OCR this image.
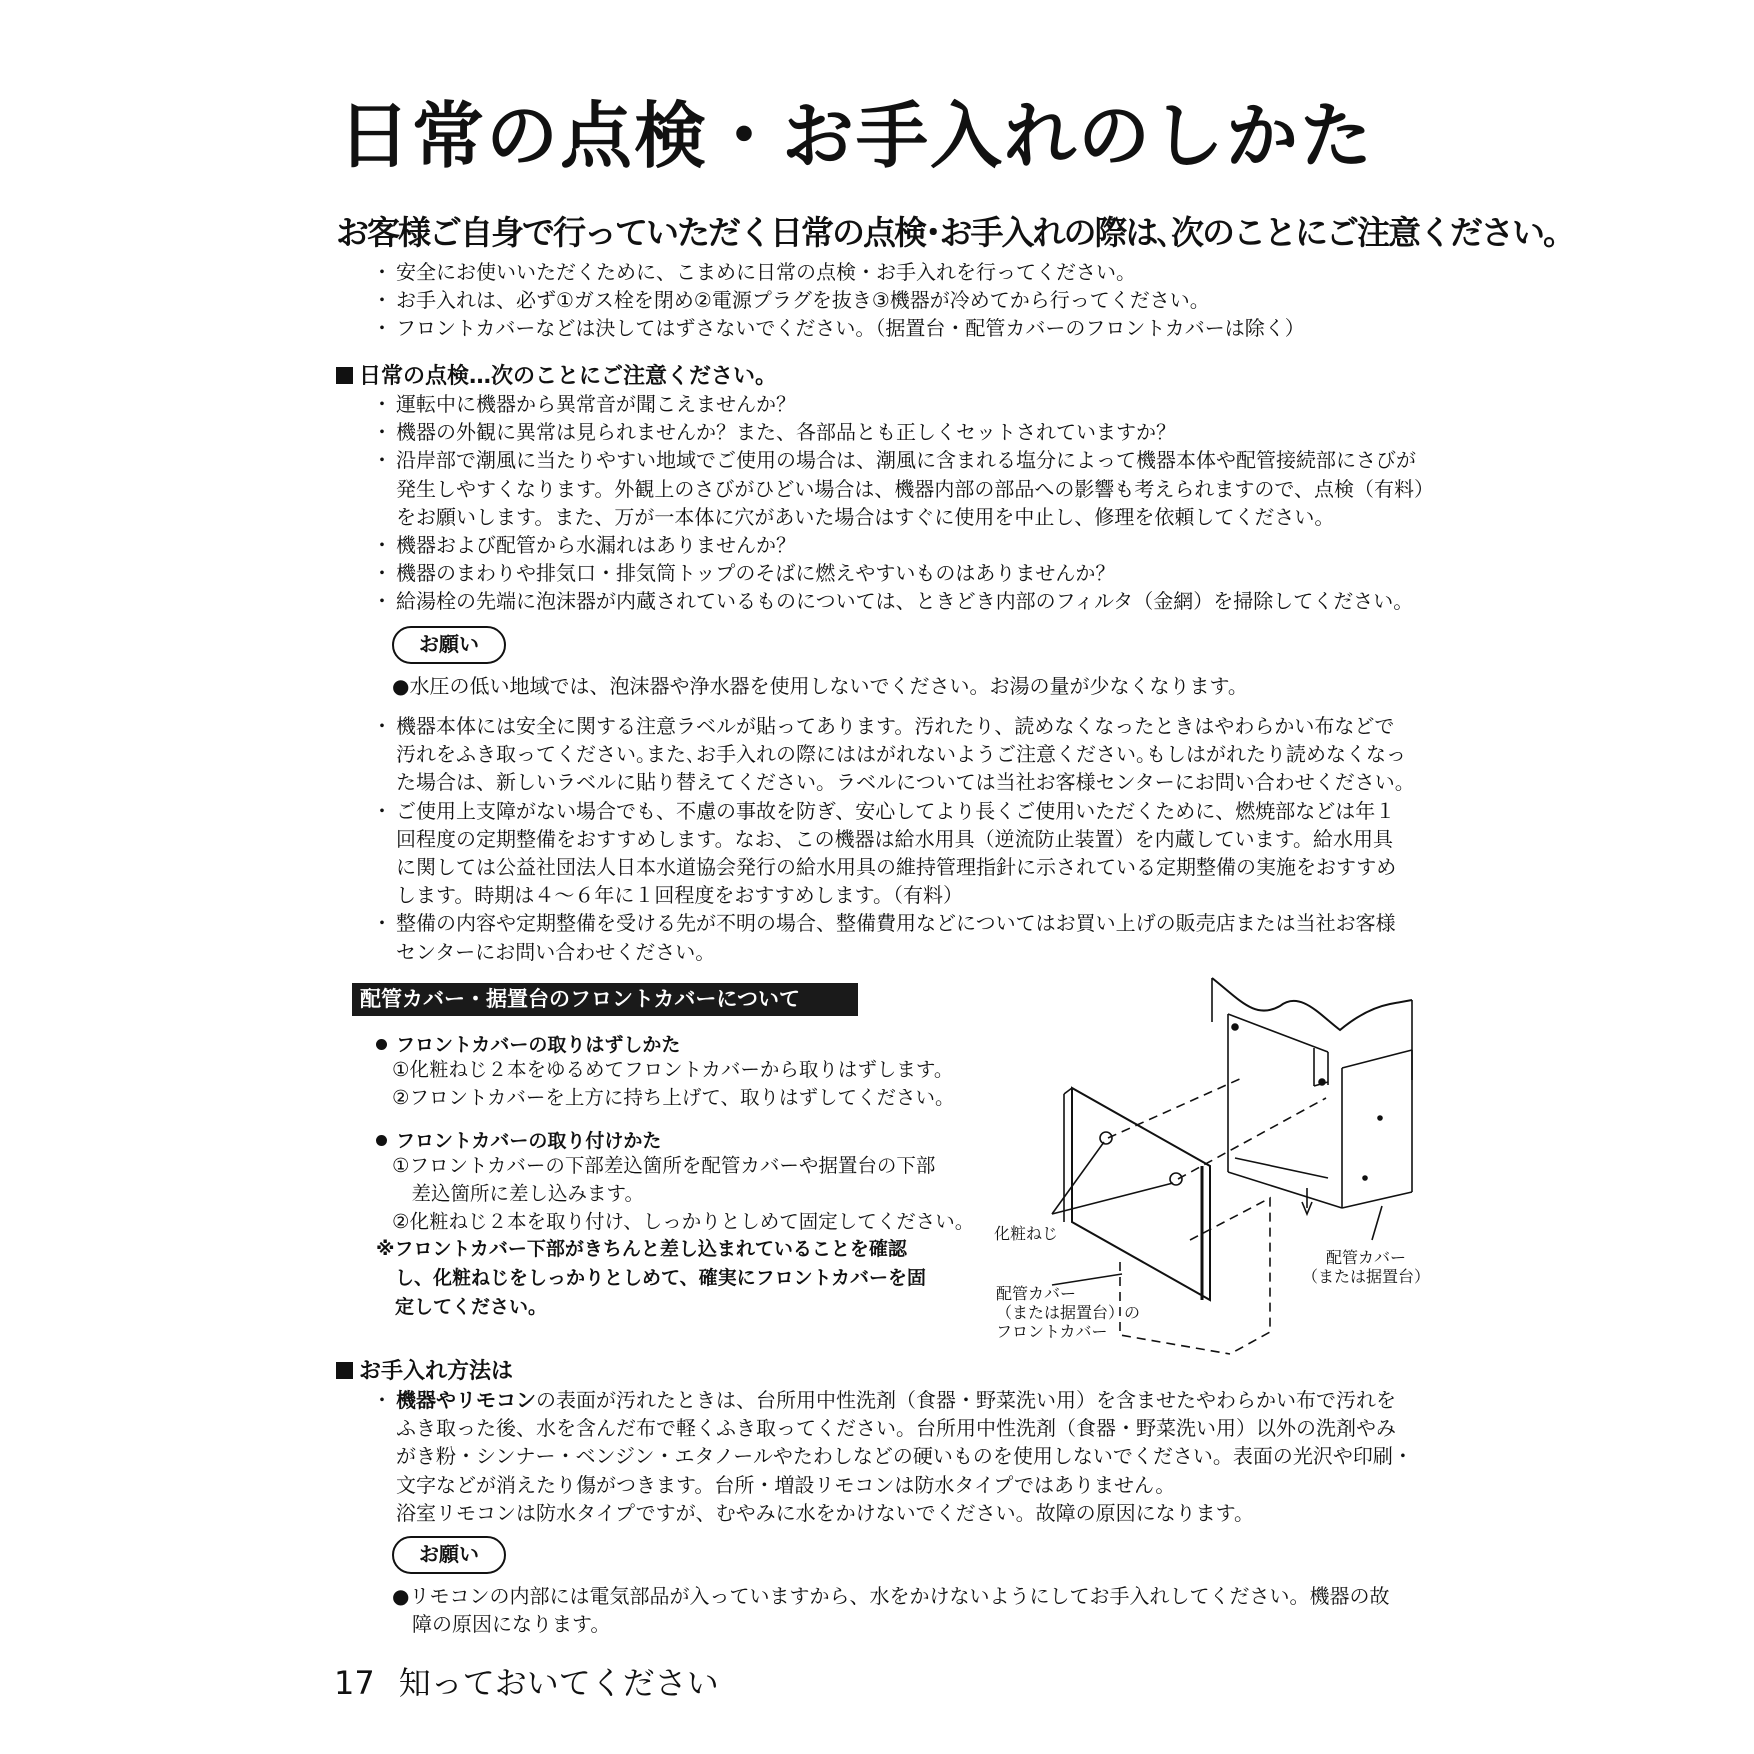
日常の点検・お手入れのしかた
お客様ご自身で行っていただく日常の点検･お手入れの際は､次のことにご注意ください｡
・ 安全にお使いいただくために、こまめに日常の点検・お手入れを行ってください。
・ お手入れは、必ず①ガス栓を閉め②電源プラグを抜き③機器が冷めてから行ってください。
・ フロントカバーなどは決してはずさないでください。（据置台・配管カバーのフロントカバーは除く）
日常の点検…次のことにご注意ください。
・ 運転中に機器から異常音が聞こえませんか？
・ 機器の外観に異常は見られませんか？また、各部品とも正しくセットされていますか？
・ 沿岸部で潮風に当たりやすい地域でご使用の場合は、潮風に含まれる塩分によって機器本体や配管接続部にさびが
発生しやすくなります。外観上のさびがひどい場合は、機器内部の部品への影響も考えられますので、点検（有料）
をお願いします。また、万が一本体に穴があいた場合はすぐに使用を中止し、修理を依頼してください。
・ 機器および配管から水漏れはありませんか？
・ 機器のまわりや排気口・排気筒トップのそばに燃えやすいものはありませんか？
・ 給湯栓の先端に泡沫器が内蔵されているものについては、ときどき内部のフィルタ（金網）を掃除してください。
お願い
●水圧の低い地域では、泡沫器や浄水器を使用しないでください。お湯の量が少なくなります。
・ 機器本体には安全に関する注意ラベルが貼ってあります。汚れたり、読めなくなったときはやわらかい布などで
汚れをふき取ってください｡また､お手入れの際にははがれないようご注意ください｡もしはがれたり読めなくなっ
た場合は、新しいラベルに貼り替えてください。ラベルについては当社お客様センターにお問い合わせください。
・ ご使用上支障がない場合でも、不慮の事故を防ぎ、安心してより長くご使用いただくために、燃焼部などは年１
回程度の定期整備をおすすめします。なお、この機器は給水用具（逆流防止装置）を内蔵しています。給水用具
に関しては公益社団法人日本水道協会発行の給水用具の維持管理指針に示されている定期整備の実施をおすすめ
します。時期は４～６年に１回程度をおすすめします。（有料）
・ 整備の内容や定期整備を受ける先が不明の場合、整備費用などについてはお買い上げの販売店または当社お客様
センターにお問い合わせください。
配管カバー・据置台のフロントカバーについて
フロントカバーの取りはずしかた
①化粧ねじ２本をゆるめてフロントカバーから取りはずします。
②フロントカバーを上方に持ち上げて、取りはずしてください。
フロントカバーの取り付けかた
①フロントカバーの下部差込箇所を配管カバーや据置台の下部
　差込箇所に差し込みます。
②化粧ねじ２本を取り付け、しっかりとしめて固定してください。
※フロントカバー下部がきちんと差し込まれていることを確認
　し、化粧ねじをしっかりとしめて、確実にフロントカバーを固
　定してください。
化粧ねじ
配管カバー
（または据置台）
配管カバー
（または据置台）の
フロントカバー
お手入れ方法は
・ 機器やリモコンの表面が汚れたときは、台所用中性洗剤（食器・野菜洗い用）を含ませたやわらかい布で汚れを
ふき取った後、水を含んだ布で軽くふき取ってください。台所用中性洗剤（食器・野菜洗い用）以外の洗剤やみ
がき粉・シンナー・ベンジン・エタノールやたわしなどの硬いものを使用しないでください。表面の光沢や印刷・
文字などが消えたり傷がつきます。台所・増設リモコンは防水タイプではありません。
浴室リモコンは防水タイプですが、むやみに水をかけないでください。故障の原因になります。
お願い
●リモコンの内部には電気部品が入っていますから、水をかけないようにしてお手入れしてください。機器の故
　障の原因になります。
17 知っておいてください
